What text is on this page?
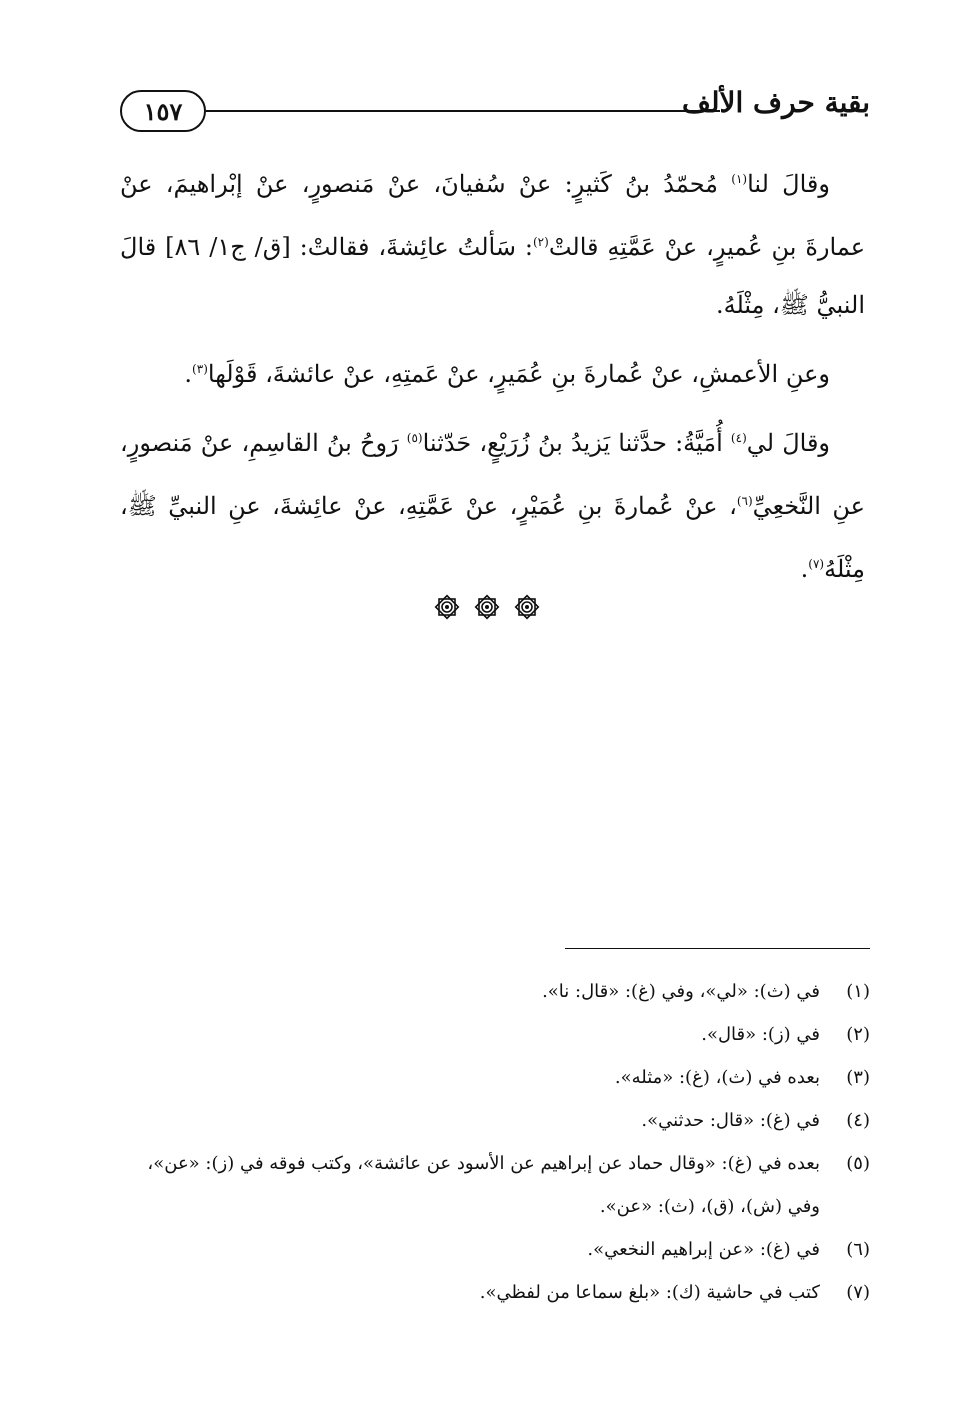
١٥٧	بقية حرف الألف

وقالَ لنا$^{(١)}$ مُحمّدُ بنُ كَثيرٍ: عنْ سُفيانَ، عنْ مَنصورٍ، عنْ إبْراهيمَ، عنْ عمارةَ بنِ عُميرٍ، عنْ عَمَّتِهِ قالتْ$^{(٢)}$: سَألتُ عائِشةَ، فقالتْ: [ق/ ج١/ ٨٦] قالَ النبيُّ ﷺ، مِثْلَهُ.

وعنِ الأعمشِ، عنْ عُمارةَ بنِ عُمَيرٍ، عنْ عَمتِهِ، عنْ عائشةَ، قَوْلَها$^{(٣)}$.

وقالَ لي$^{(٤)}$ أُمَيَّةُ: حدَّثنا يَزيدُ بنُ زُرَيْعٍ، حَدّثنا$^{(٥)}$ رَوحُ بنُ القاسِمِ، عنْ مَنصورٍ، عنِ النَّخعِيِّ$^{(٦)}$، عنْ عُمارةَ بنِ عُمَيْرٍ، عنْ عَمَّتِهِ، عنْ عائِشةَ، عنِ النبيِّ ﷺ، مِثْلَهُ$^{(٧)}$.

(١)
في (ث): «لي»، وفي (غ): «قال: نا».
(٢)
في (ز): «قال».
(٣)
بعده في (ث)، (غ): «مثله».
(٤)
في (غ): «قال: حدثني».
(٥)
بعده في (غ): «وقال حماد عن إبراهيم عن الأسود عن عائشة»، وكتب فوقه في (ز): «عن»، وفي (ش)، (ق)، (ث): «عن».
(٦)
في (غ): «عن إبراهيم النخعي».
(٧)
كتب في حاشية (ك): «بلغ سماعا من لفظي».
